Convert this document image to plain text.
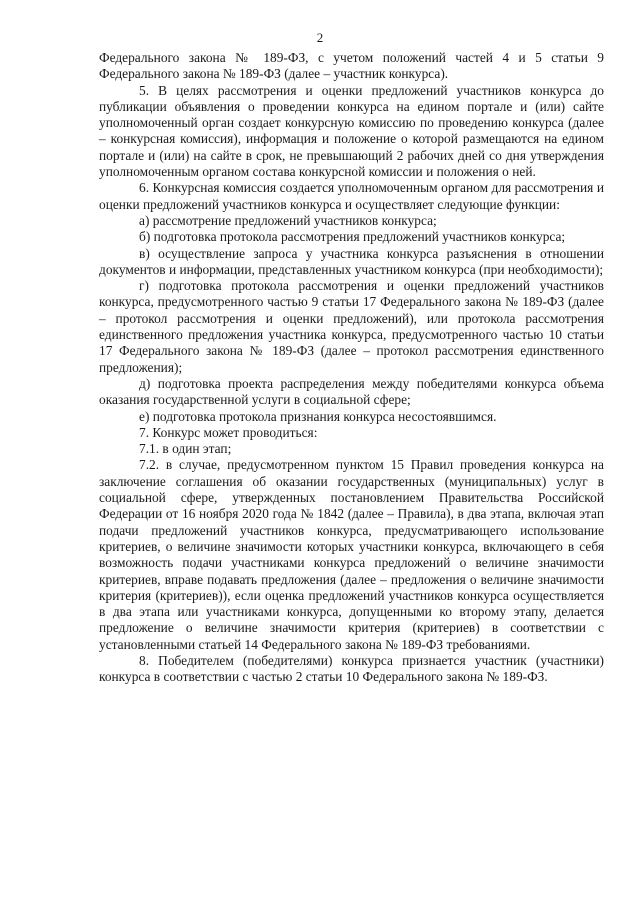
2

Федерального закона № 189-ФЗ, с учетом положений частей 4 и 5 статьи 9 Федерального закона № 189-ФЗ (далее – участник конкурса).

5. В целях рассмотрения и оценки предложений участников конкурса до публикации объявления о проведении конкурса на едином портале и (или) сайте уполномоченный орган создает конкурсную комиссию по проведению конкурса (далее – конкурсная комиссия), информация и положение о которой размещаются на едином портале и (или) на сайте в срок, не превышающий 2 рабочих дней со дня утверждения уполномоченным органом состава конкурсной комиссии и положения о ней.

6. Конкурсная комиссия создается уполномоченным органом для рассмотрения и оценки предложений участников конкурса и осуществляет следующие функции:

а) рассмотрение предложений участников конкурса;

б) подготовка протокола рассмотрения предложений участников конкурса;

в) осуществление запроса у участника конкурса разъяснения в отношении документов и информации, представленных участником конкурса (при необходимости);

г) подготовка протокола рассмотрения и оценки предложений участников конкурса, предусмотренного частью 9 статьи 17 Федерального закона № 189-ФЗ (далее – протокол рассмотрения и оценки предложений), или протокола рассмотрения единственного предложения участника конкурса, предусмотренного частью 10 статьи 17 Федерального закона № 189-ФЗ (далее – протокол рассмотрения единственного предложения);

д) подготовка проекта распределения между победителями конкурса объема оказания государственной услуги в социальной сфере;

е) подготовка протокола признания конкурса несостоявшимся.

7. Конкурс может проводиться:

7.1. в один этап;

7.2. в случае, предусмотренном пунктом 15 Правил проведения конкурса на заключение соглашения об оказании государственных (муниципальных) услуг в социальной сфере, утвержденных постановлением Правительства Российской Федерации от 16 ноября 2020 года № 1842 (далее – Правила), в два этапа, включая этап подачи предложений участников конкурса, предусматривающего использование критериев, о величине значимости которых участники конкурса, включающего в себя возможность подачи участниками конкурса предложений о величине значимости критериев, вправе подавать предложения (далее – предложения о величине значимости критерия (критериев)), если оценка предложений участников конкурса осуществляется в два этапа или участниками конкурса, допущенными ко второму этапу, делается предложение о величине значимости критерия (критериев) в соответствии с установленными статьей 14 Федерального закона № 189-ФЗ требованиями.

8. Победителем (победителями) конкурса признается участник (участники) конкурса в соответствии с частью 2 статьи 10 Федерального закона № 189-ФЗ.
